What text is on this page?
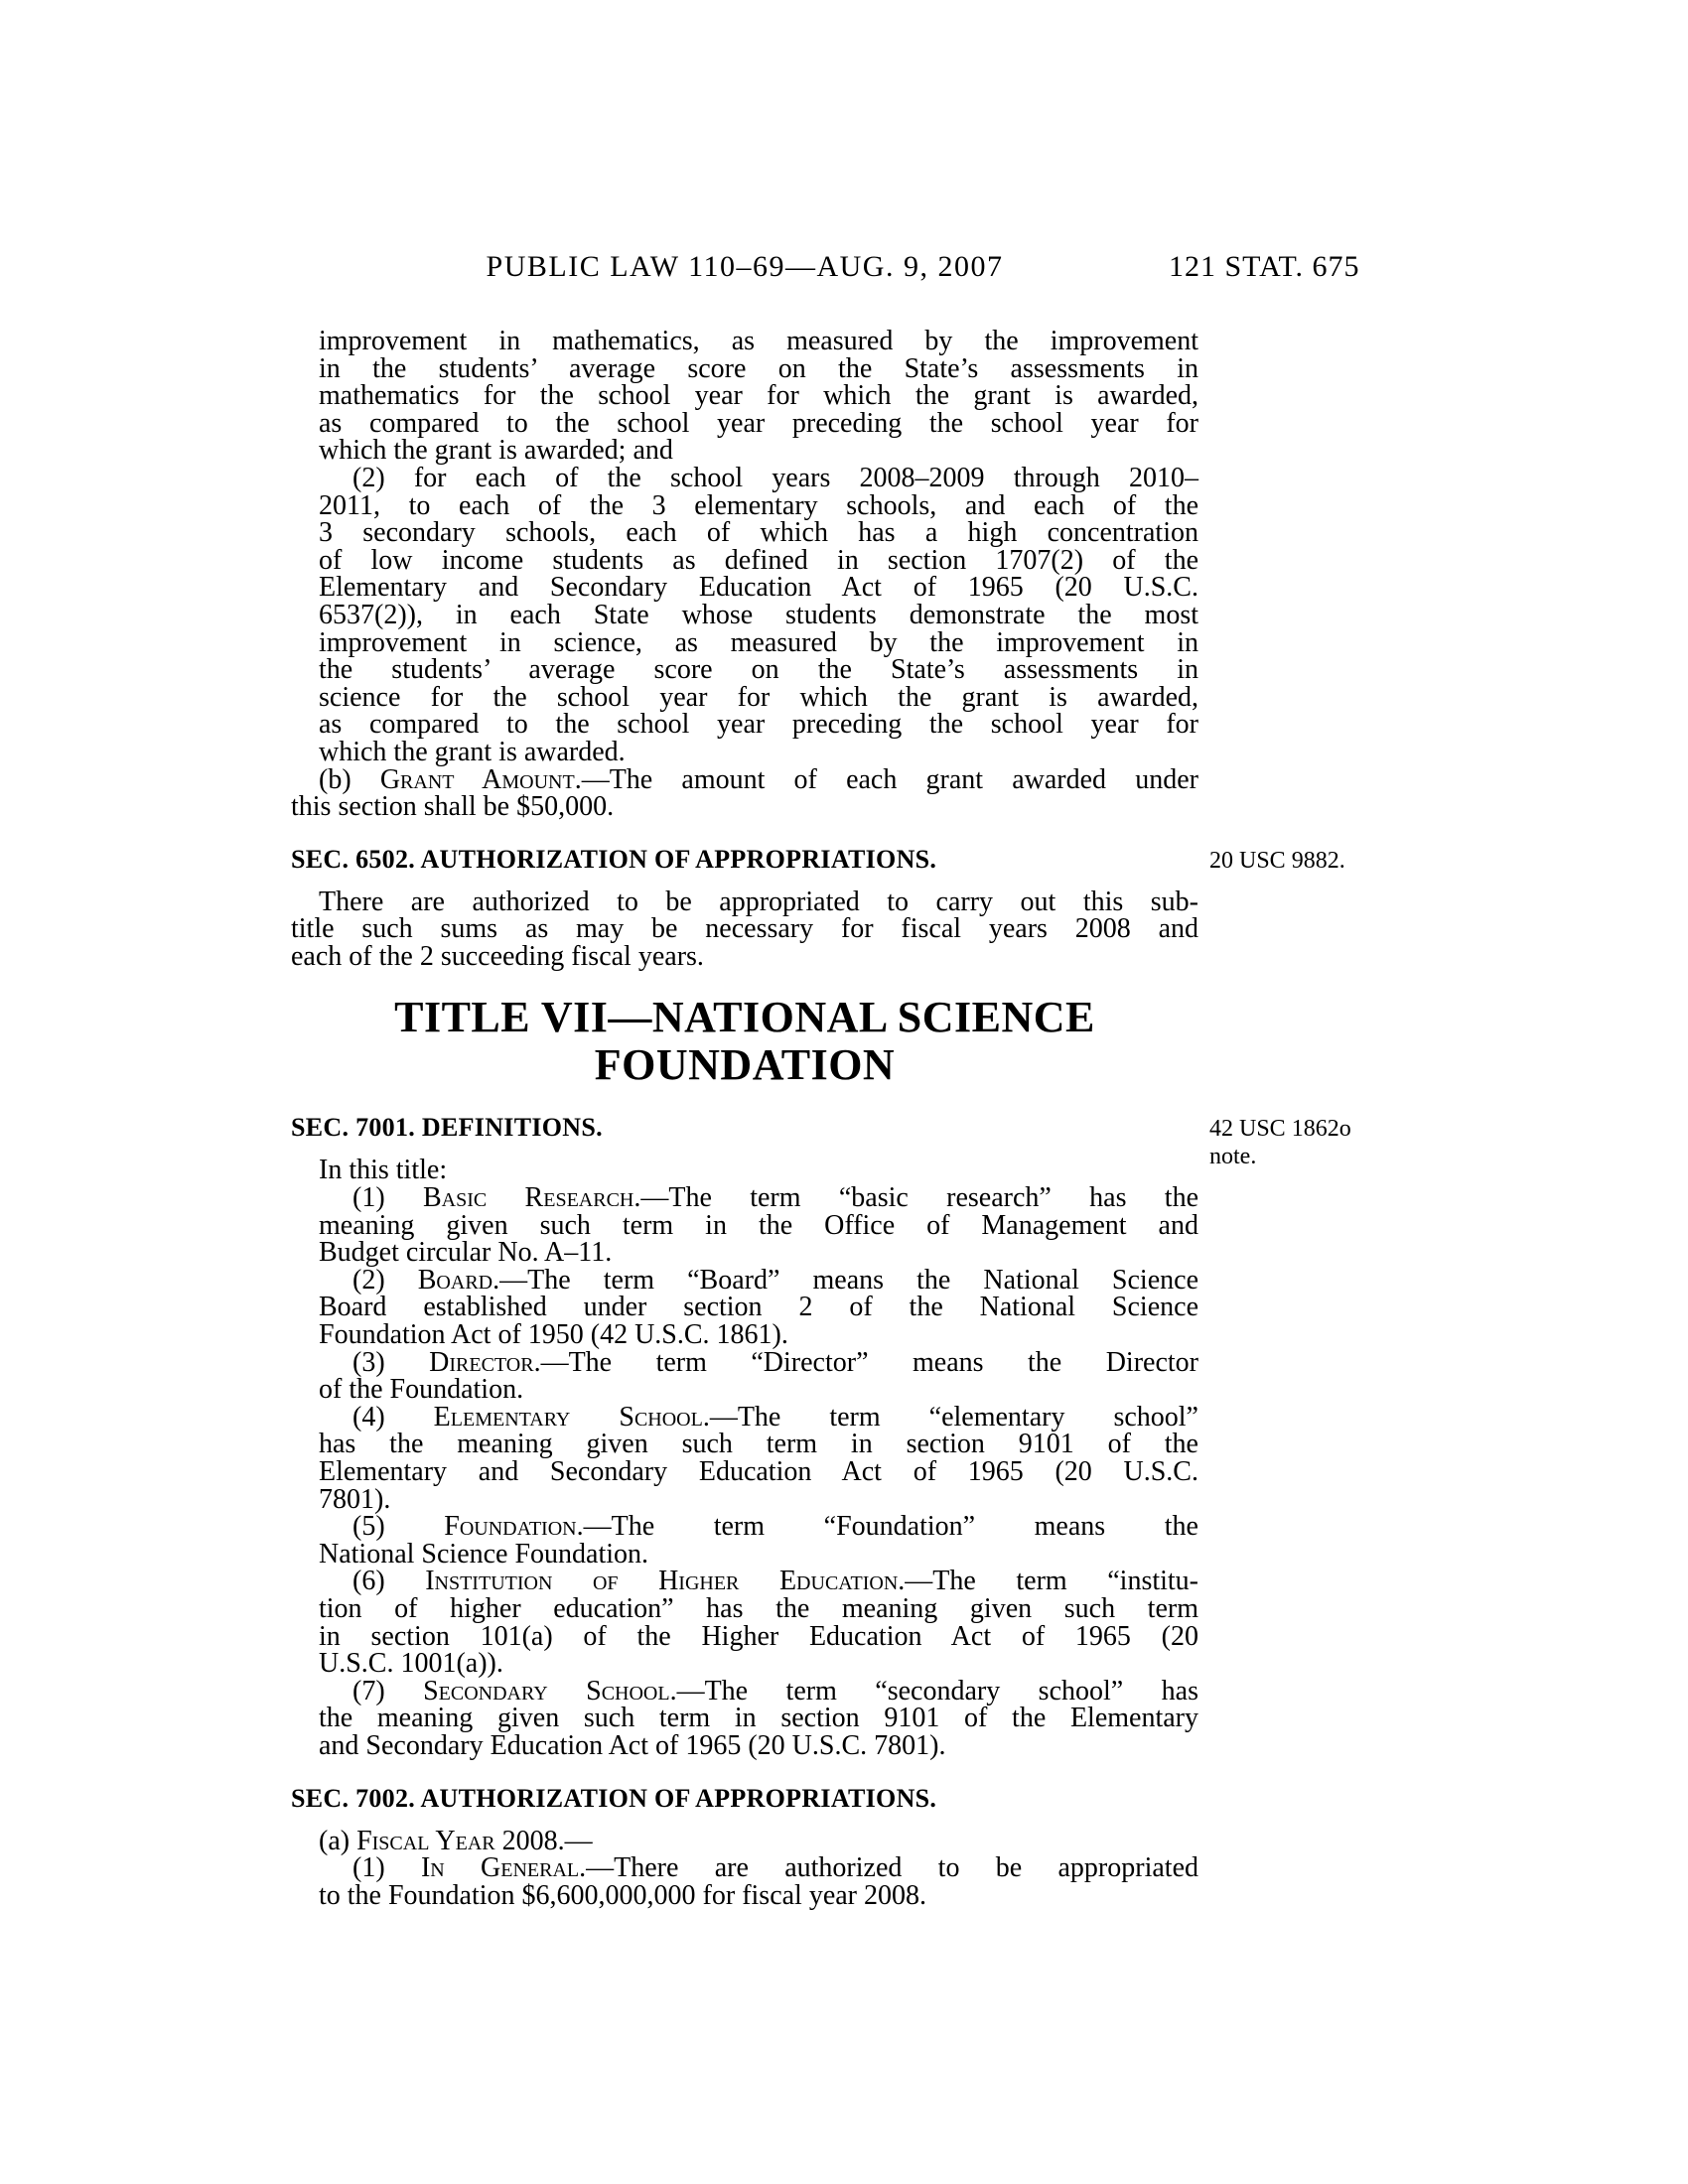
PUBLIC LAW 110–69—AUG. 9, 2007	121 STAT. 675
improvement in mathematics, as measured by the improvement
in the students’ average score on the State’s assessments in
mathematics for the school year for which the grant is awarded,
as compared to the school year preceding the school year for
which the grant is awarded; and
(2) for each of the school years 2008–2009 through 2010–
2011, to each of the 3 elementary schools, and each of the
3 secondary schools, each of which has a high concentration
of low income students as defined in section 1707(2) of the
Elementary and Secondary Education Act of 1965 (20 U.S.C.
6537(2)), in each State whose students demonstrate the most
improvement in science, as measured by the improvement in
the students’ average score on the State’s assessments in
science for the school year for which the grant is awarded,
as compared to the school year preceding the school year for
which the grant is awarded.
(b) Grant Amount.—The amount of each grant awarded under
this section shall be $50,000.
SEC. 6502. AUTHORIZATION OF APPROPRIATIONS.	20 USC 9882.
There are authorized to be appropriated to carry out this sub-
title such sums as may be necessary for fiscal years 2008 and
each of the 2 succeeding fiscal years.
TITLE VII—NATIONAL SCIENCE
FOUNDATION
SEC. 7001. DEFINITIONS.	42 USC 1862o
note.
In this title:
(1) Basic Research.—The term “basic research” has the
meaning given such term in the Office of Management and
Budget circular No. A–11.
(2) Board.—The term “Board” means the National Science
Board established under section 2 of the National Science
Foundation Act of 1950 (42 U.S.C. 1861).
(3) Director.—The term “Director” means the Director
of the Foundation.
(4) Elementary School.—The term “elementary school”
has the meaning given such term in section 9101 of the
Elementary and Secondary Education Act of 1965 (20 U.S.C.
7801).
(5) Foundation.—The term “Foundation” means the
National Science Foundation.
(6) Institution of Higher Education.—The term “institu-
tion of higher education” has the meaning given such term
in section 101(a) of the Higher Education Act of 1965 (20
U.S.C. 1001(a)).
(7) Secondary School.—The term “secondary school” has
the meaning given such term in section 9101 of the Elementary
and Secondary Education Act of 1965 (20 U.S.C. 7801).
SEC. 7002. AUTHORIZATION OF APPROPRIATIONS.
(a) Fiscal Year 2008.—
(1) In General.—There are authorized to be appropriated
to the Foundation $6,600,000,000 for fiscal year 2008.
